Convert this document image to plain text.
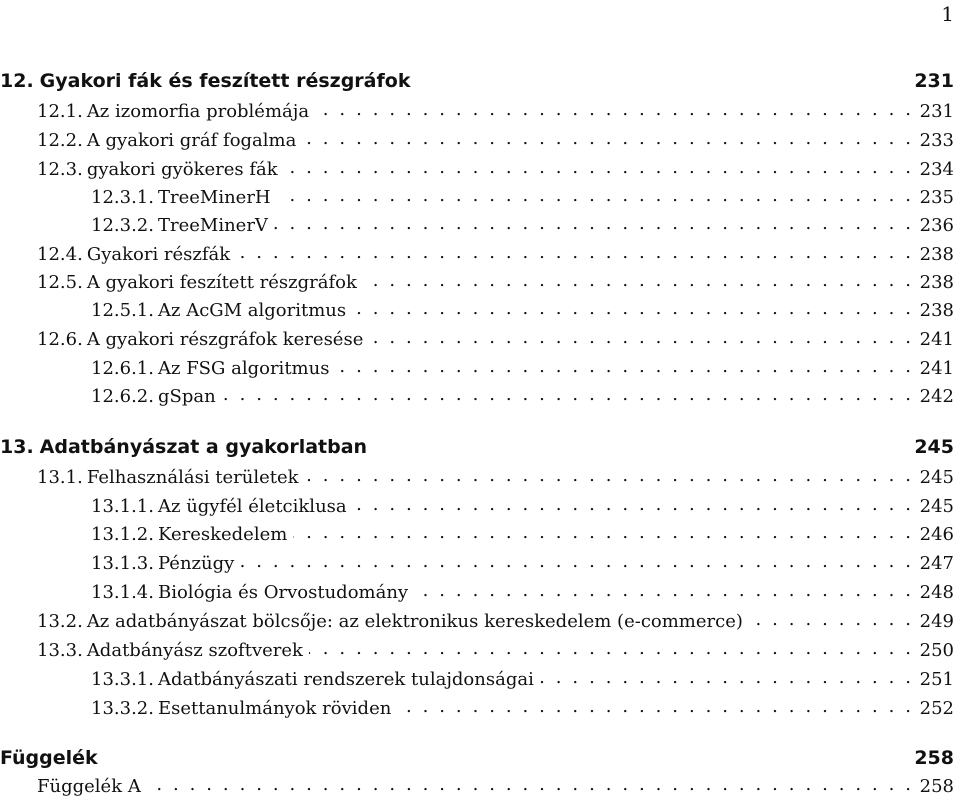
1
12. Gyakori fák és feszített részgráfok	231
12.1. Az izomorfia problémája . . .	231
12.2. A gyakori gráf fogalma . . .	233
12.3. gyakori gyökeres fák . . .	234
12.3.1. TreeMinerH . . .	235
12.3.2. TreeMinerV . . .	236
12.4. Gyakori részfák . . .	238
12.5. A gyakori feszített részgráfok . . .	238
12.5.1. Az AcGM algoritmus . . .	238
12.6. A gyakori részgráfok keresése . . .	241
12.6.1. Az FSG algoritmus . . .	241
12.6.2. gSpan . . .	242
13. Adatbányászat a gyakorlatban	245
13.1. Felhasználási területek . . .	245
13.1.1. Az ügyfél életciklusa . . .	245
13.1.2. Kereskedelem . . .	246
13.1.3. Pénzügy . . .	247
13.1.4. Biológia és Orvostudomány . . .	248
13.2. Az adatbányászat bölcsője: az elektronikus kereskedelem (e-commerce) . . .	249
13.3. Adatbányász szoftverek . . .	250
13.3.1. Adatbányászati rendszerek tulajdonságai . . .	251
13.3.2. Esettanulmányok röviden . . .	252
Függelék	258
Függelék A . . .	258
